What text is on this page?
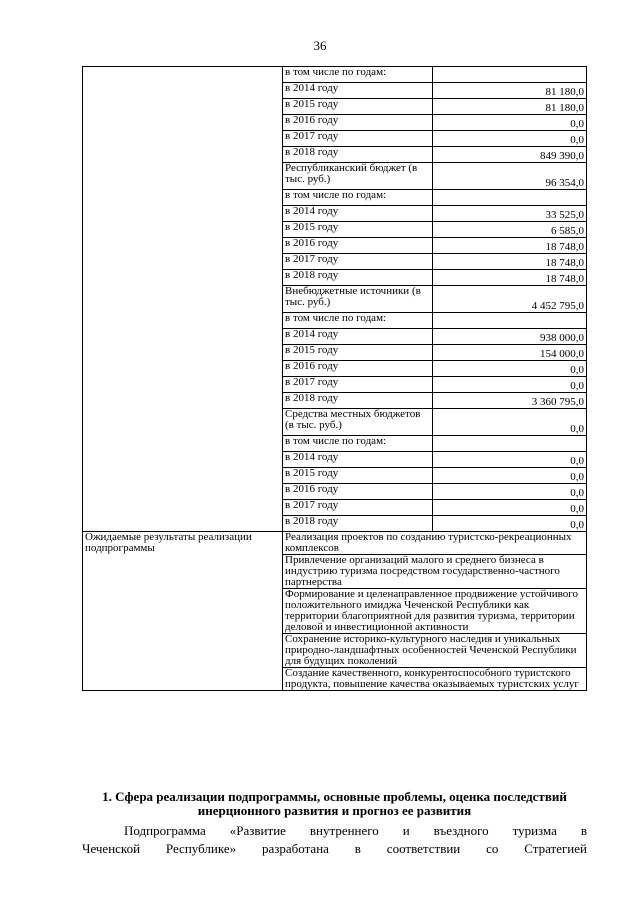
36
	в том числе по годам:	
	в 2014 году	81 180,0
	в 2015 году	81 180,0
	в 2016 году	0,0
	в 2017 году	0,0
	в 2018 году	849 390,0
	Республиканский бюджет (в тыс. руб.)	96 354,0
	в том числе по годам:	
	в 2014 году	33 525,0
	в 2015 году	6 585,0
	в 2016 году	18 748,0
	в 2017 году	18 748,0
	в 2018 году	18 748,0
	Внебюджетные источники (в тыс. руб.)	4 452 795,0
	в том числе по годам:	
	в 2014 году	938 000,0
	в 2015 году	154 000,0
	в 2016 году	0,0
	в 2017 году	0,0
	в 2018 году	3 360 795,0
	Средства местных бюджетов (в тыс. руб.)	0,0
	в том числе по годам:	
	в 2014 году	0,0
	в 2015 году	0,0
	в 2016 году	0,0
	в 2017 году	0,0
	в 2018 году	0,0
Ожидаемые результаты реализации подпрограммы	Реализация проектов по созданию туристско-рекреационных комплексов	
	Привлечение организаций малого и среднего бизнеса в индустрию туризма посредством государственно-частного партнерства	
	Формирование и целенаправленное продвижение устойчивого положительного имиджа Чеченской Республики как территории благоприятной для развития туризма, территории деловой и инвестиционной активности	
	Сохранение историко-культурного наследия и уникальных природно-ландшафтных особенностей Чеченской Республики для будущих поколений	
	Создание качественного, конкурентоспособного туристского продукта, повышение качества оказываемых туристских услуг	
1. Сфера реализации подпрограммы, основные проблемы, оценка последствий инерционного развития и прогноз ее развития
Подпрограмма «Развитие внутреннего и въездного туризма в
Чеченской Республике» разработана в соответствии со Стратегией
